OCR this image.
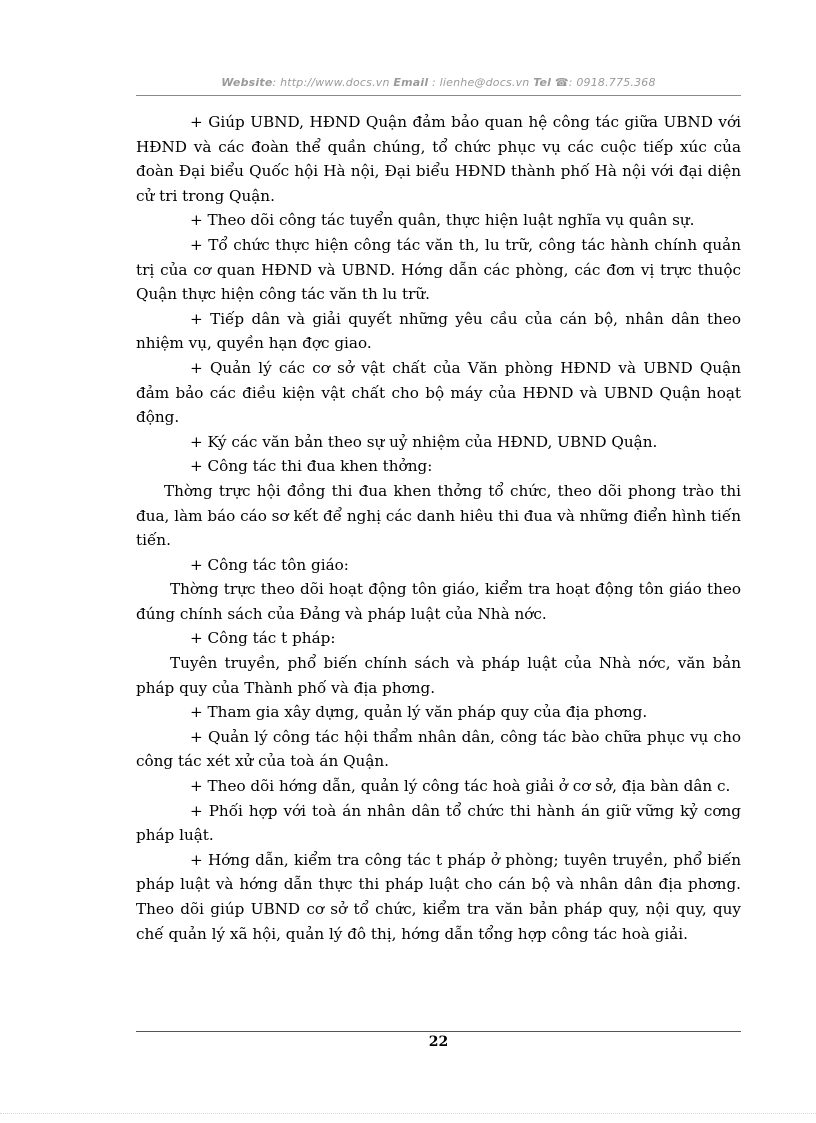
Website: http://www.docs.vn Email : lienhe@docs.vn Tel ☎: 0918.775.368

+ Giúp UBND, HĐND Quận đảm bảo quan hệ công tác giữa UBND với HĐND và các đoàn thể quần chúng, tổ chức phục vụ các cuộc tiếp xúc của đoàn Đại biểu Quốc hội Hà nội, Đại biểu HĐND thành phố Hà nội với đại diện cử tri trong Quận.

+ Theo dõi công tác tuyển quân, thực hiện luật nghĩa vụ quân sự.

+ Tổ chức thực hiện công tác văn th, lu trữ, công tác hành chính quản trị của cơ quan HĐND và UBND. Hớng dẫn các phòng, các đơn vị trực thuộc Quận thực hiện công tác văn th lu trữ.

+ Tiếp dân và giải quyết những yêu cầu của cán bộ, nhân dân theo nhiệm vụ, quyền hạn đợc giao.

+ Quản lý các cơ sở vật chất của Văn phòng HĐND và UBND Quận đảm bảo các điều kiện vật chất cho bộ máy của HĐND và UBND Quận hoạt động.

+ Ký các văn bản theo sự uỷ nhiệm của HĐND, UBND Quận.

+ Công tác thi đua khen thởng:

Thờng trực hội đồng thi đua khen thởng tổ chức, theo dõi phong trào thi đua, làm báo cáo sơ kết để nghị các danh hiêu thi đua và những điển hình tiến tiến.

+ Công tác tôn giáo:

Thờng trực theo dõi hoạt động tôn giáo, kiểm tra hoạt động tôn giáo theo đúng chính sách của Đảng và pháp luật của Nhà nớc.

+ Công tác t pháp:

Tuyên truyền, phổ biến chính sách và pháp luật của Nhà nớc, văn bản pháp quy của Thành phố và địa phơng.

+ Tham gia xây dựng, quản lý văn pháp quy của địa phơng.

+ Quản lý công tác hội thẩm nhân dân, công tác bào chữa phục vụ cho công tác xét xử của toà án Quận.

+ Theo dõi hớng dẫn, quản lý công tác hoà giải ở cơ sở, địa bàn dân c.

+ Phối hợp với toà án nhân dân tổ chức thi hành án giữ vững kỷ cơng pháp luật.

+ Hớng dẫn, kiểm tra công tác t pháp ở phòng; tuyên truyền, phổ biến pháp luật và hớng dẫn thực thi pháp luật cho cán bộ và nhân dân địa phơng. Theo dõi giúp UBND cơ sở tổ chức, kiểm tra văn bản pháp quy, nội quy, quy chế quản lý xã hội, quản lý đô thị, hớng dẫn tổng hợp công tác hoà giải.

22
